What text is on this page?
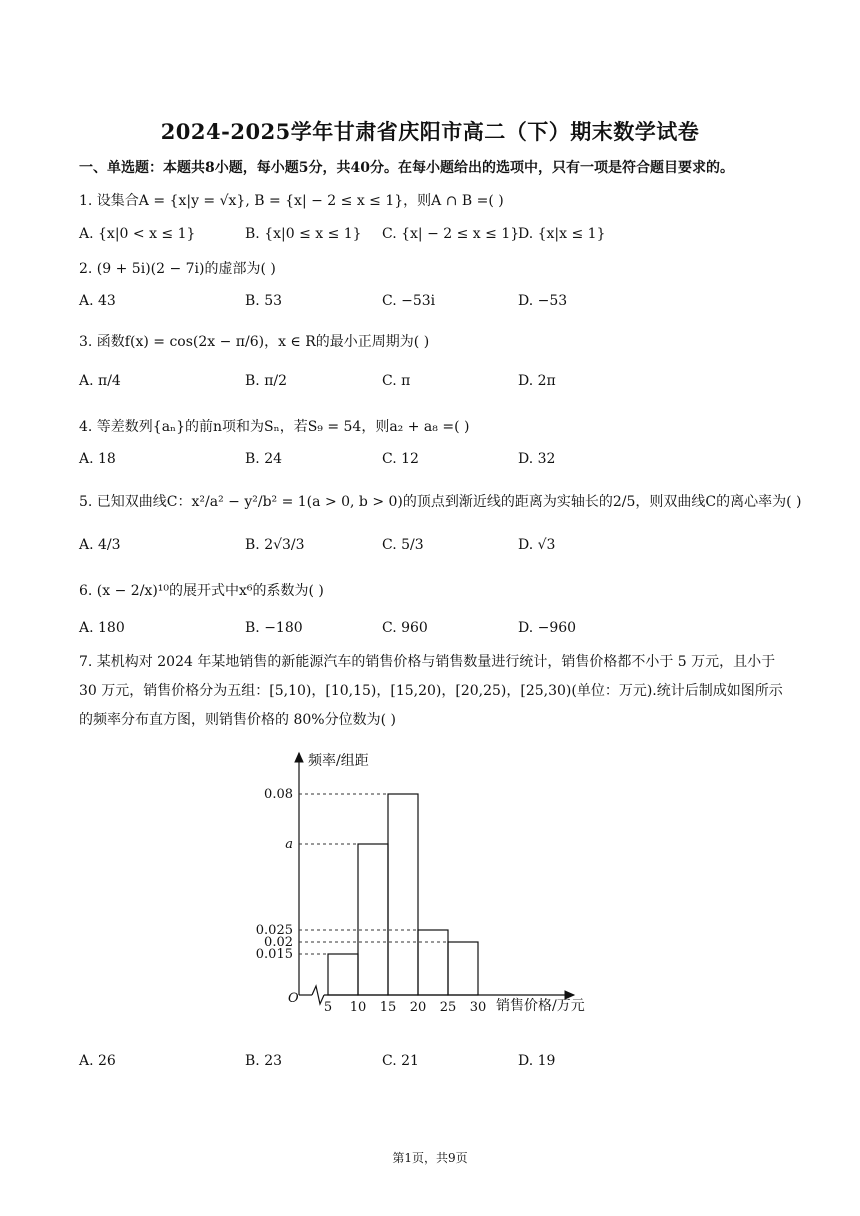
2024-2025学年甘肃省庆阳市高二（下）期末数学试卷
一、单选题：本题共8小题，每小题5分，共40分。在每小题给出的选项中，只有一项是符合题目要求的。
1. 设集合A = {x|y = √x}, B = {x| − 2 ≤ x ≤ 1}，则A ∩ B =( )
A. {x|0 < x ≤ 1}	B. {x|0 ≤ x ≤ 1} C. {x| − 2 ≤ x ≤ 1}
D. {x|x ≤ 1}
2. (9 + 5i)(2 − 7i)的虚部为( )
A. 43	B. 53	C. −53i	D. −53
3. 函数f(x) = cos(2x − π/6)，x ∈ R的最小正周期为( )
A. π/4	B. π/2	C. π	D. 2π
4. 等差数列{aₙ}的前n项和为Sₙ，若S₉ = 54，则a₂ + a₈ =( )
A. 18	B. 24	C. 12	D. 32
5. 已知双曲线C：x²/a² − y²/b² = 1(a > 0, b > 0)的顶点到渐近线的距离为实轴长的2/5，则双曲线C的离心率为( )
A. 4/3	B. 2√3/3	C. 5/3	D. √3
6. (x − 2/x)¹⁰的展开式中x⁶的系数为( )
A. 180	B. −180	C. 960	D. −960
7. 某机构对 2024 年某地销售的新能源汽车的销售价格与销售数量进行统计，销售价格都不小于 5 万元，且小于 30 万元，销售价格分为五组：[5,10)，[10,15)，[15,20)，[20,25)，[25,30)(单位：万元).统计后制成如图所示的频率分布直方图，则销售价格的 80%分位数为( )
频率/组距
销售价格/万元
O
0.08
a
0.025
0.02
0.015
5 10 15 20 25 30
A. 26	B. 23	C. 21	D. 19
第1页，共9页
